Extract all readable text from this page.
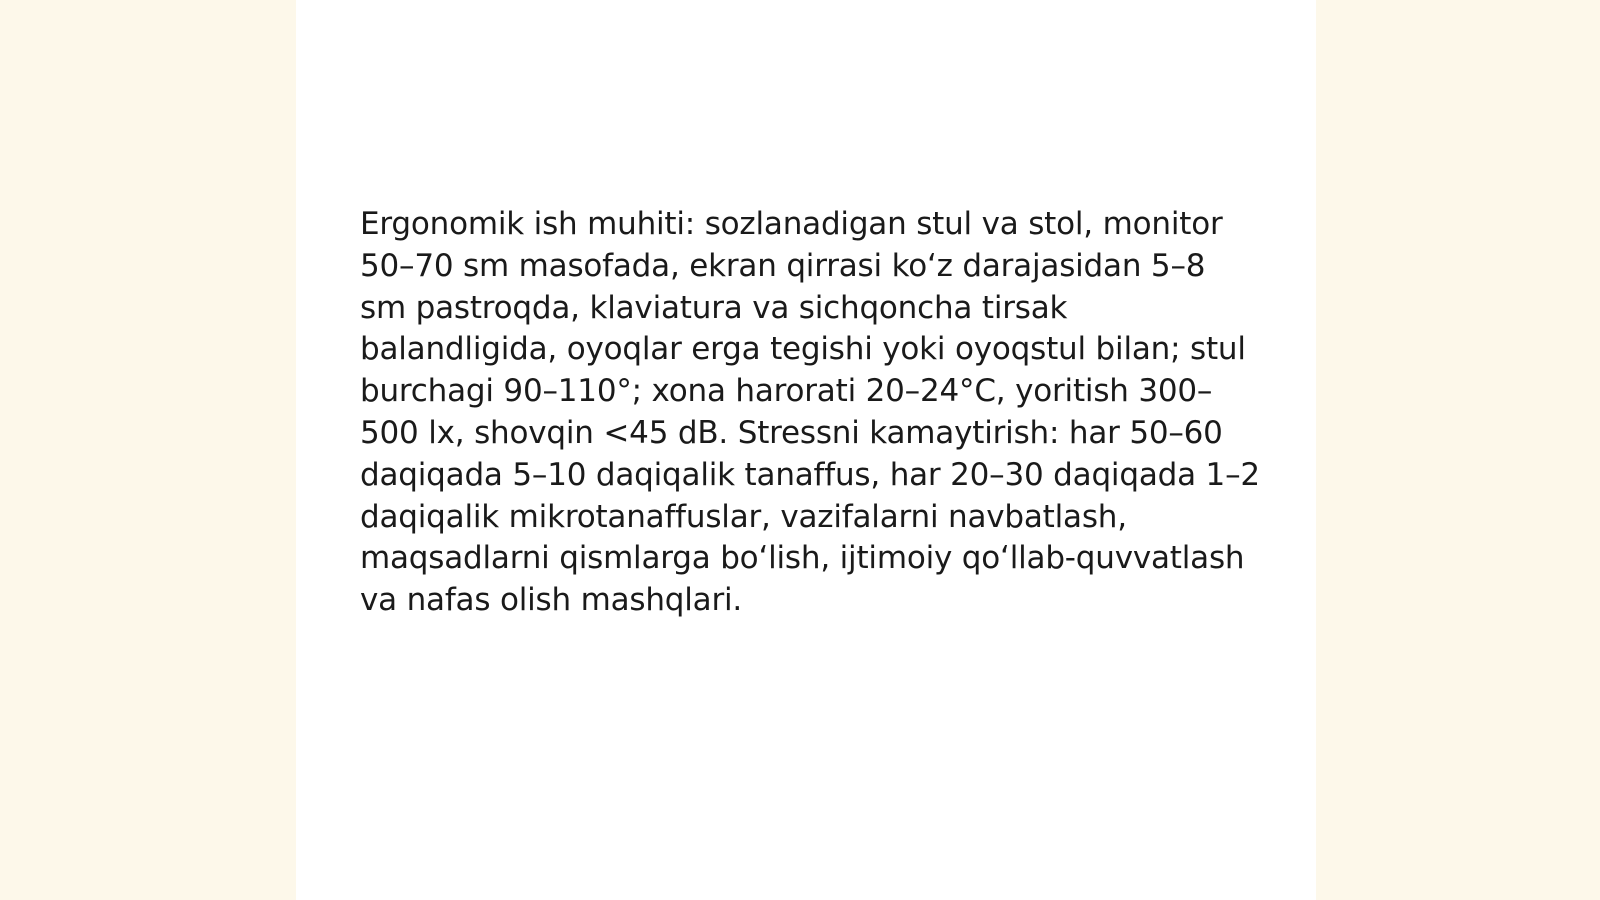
Ergonomik ish muhiti: sozlanadigan stul va stol, monitor 50–70 sm masofada, ekran qirrasi ko‘z darajasidan 5–8 sm pastroqda, klaviatura va sichqoncha tirsak balandligida, oyoqlar erga tegishi yoki oyoqstul bilan; stul burchagi 90–110°; xona harorati 20–24°C, yoritish 300–500 lx, shovqin <45 dB. Stressni kamaytirish: har 50–60 daqiqada 5–10 daqiqalik tanaffus, har 20–30 daqiqada 1–2 daqiqalik mikrotanaffuslar, vazifalarni navbatlash, maqsadlarni qismlarga bo‘lish, ijtimoiy qo‘llab-quvvatlash va nafas olish mashqlari.
